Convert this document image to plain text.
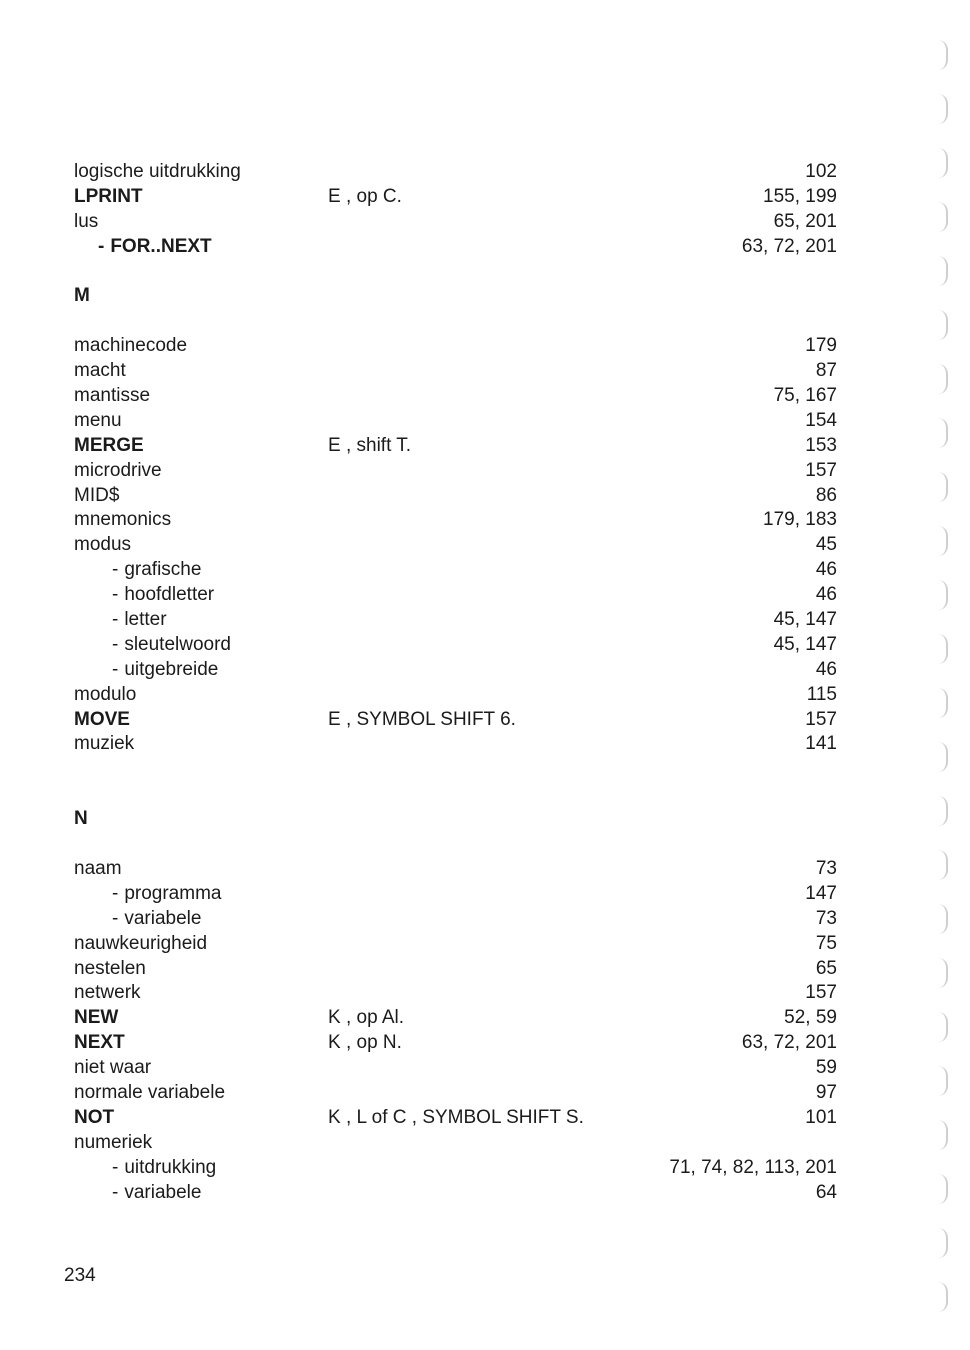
logische uitdrukking	102
LPRINT	E , op C.	155, 199
lus	65, 201
- FOR..NEXT	63, 72, 201
M
machinecode	179
macht	87
mantisse	75, 167
menu	154
MERGE	E , shift T.	153
microdrive	157
MID$	86
mnemonics	179, 183
modus	45
- grafische	46
- hoofdletter	46
- letter	45, 147
- sleutelwoord	45, 147
- uitgebreide	46
modulo	115
MOVE	E , SYMBOL SHIFT 6.	157
muziek	141
N
naam	73
- programma	147
- variabele	73
nauwkeurigheid	75
nestelen	65
netwerk	157
NEW	K , op Al.	52, 59
NEXT	K , op N.	63, 72, 201
niet waar	59
normale variabele	97
NOT	K , L of C , SYMBOL SHIFT S.	101
numeriek
- uitdrukking	71, 74, 82, 113, 201
- variabele	64
234
